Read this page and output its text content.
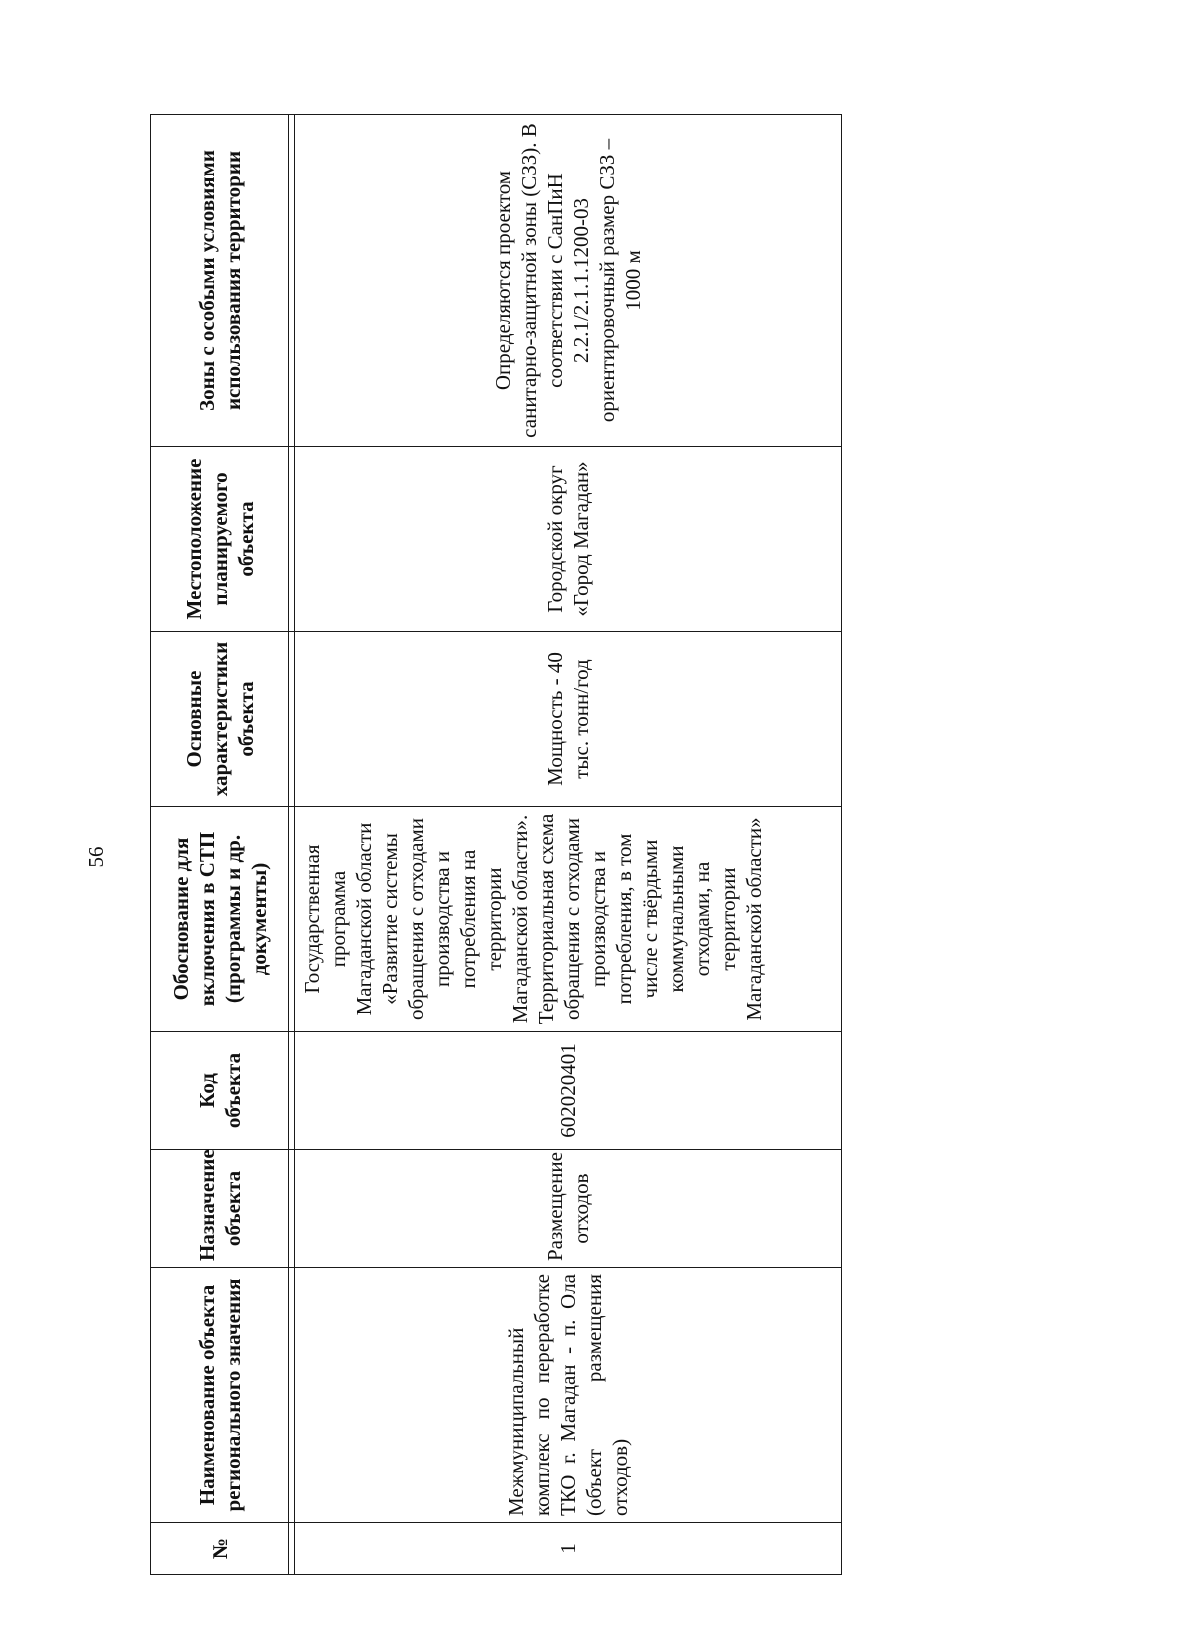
56
№	Наименование объекта регионального значения	Назначение объекта	Код объекта	Обоснование для включения в СТП (программы и др. документы)	Основные характеристики объекта	Местоположение планируемого объекта	Зоны с особыми условиями использования территории

1	Межмуниципальный комплекс по переработке ТКО г. Магадан - п. Ола (объект размещения отходов)	Размещение отходов	602020401	Государственная программа Магаданской области «Развитие системы обращения с отходами производства и потребления на территории Магаданской области». Территориальная схема обращения с отходами производства и потребления, в том числе с твёрдыми коммунальными отходами, на территории Магаданской области»	Мощность - 40 тыс. тонн/год	Городской округ «Город Магадан»	Определяются проектом санитарно-защитной зоны (СЗЗ). В соответствии с СанПиН 2.2.1/2.1.1.1200-03 ориентировочный размер СЗЗ – 1000 м
